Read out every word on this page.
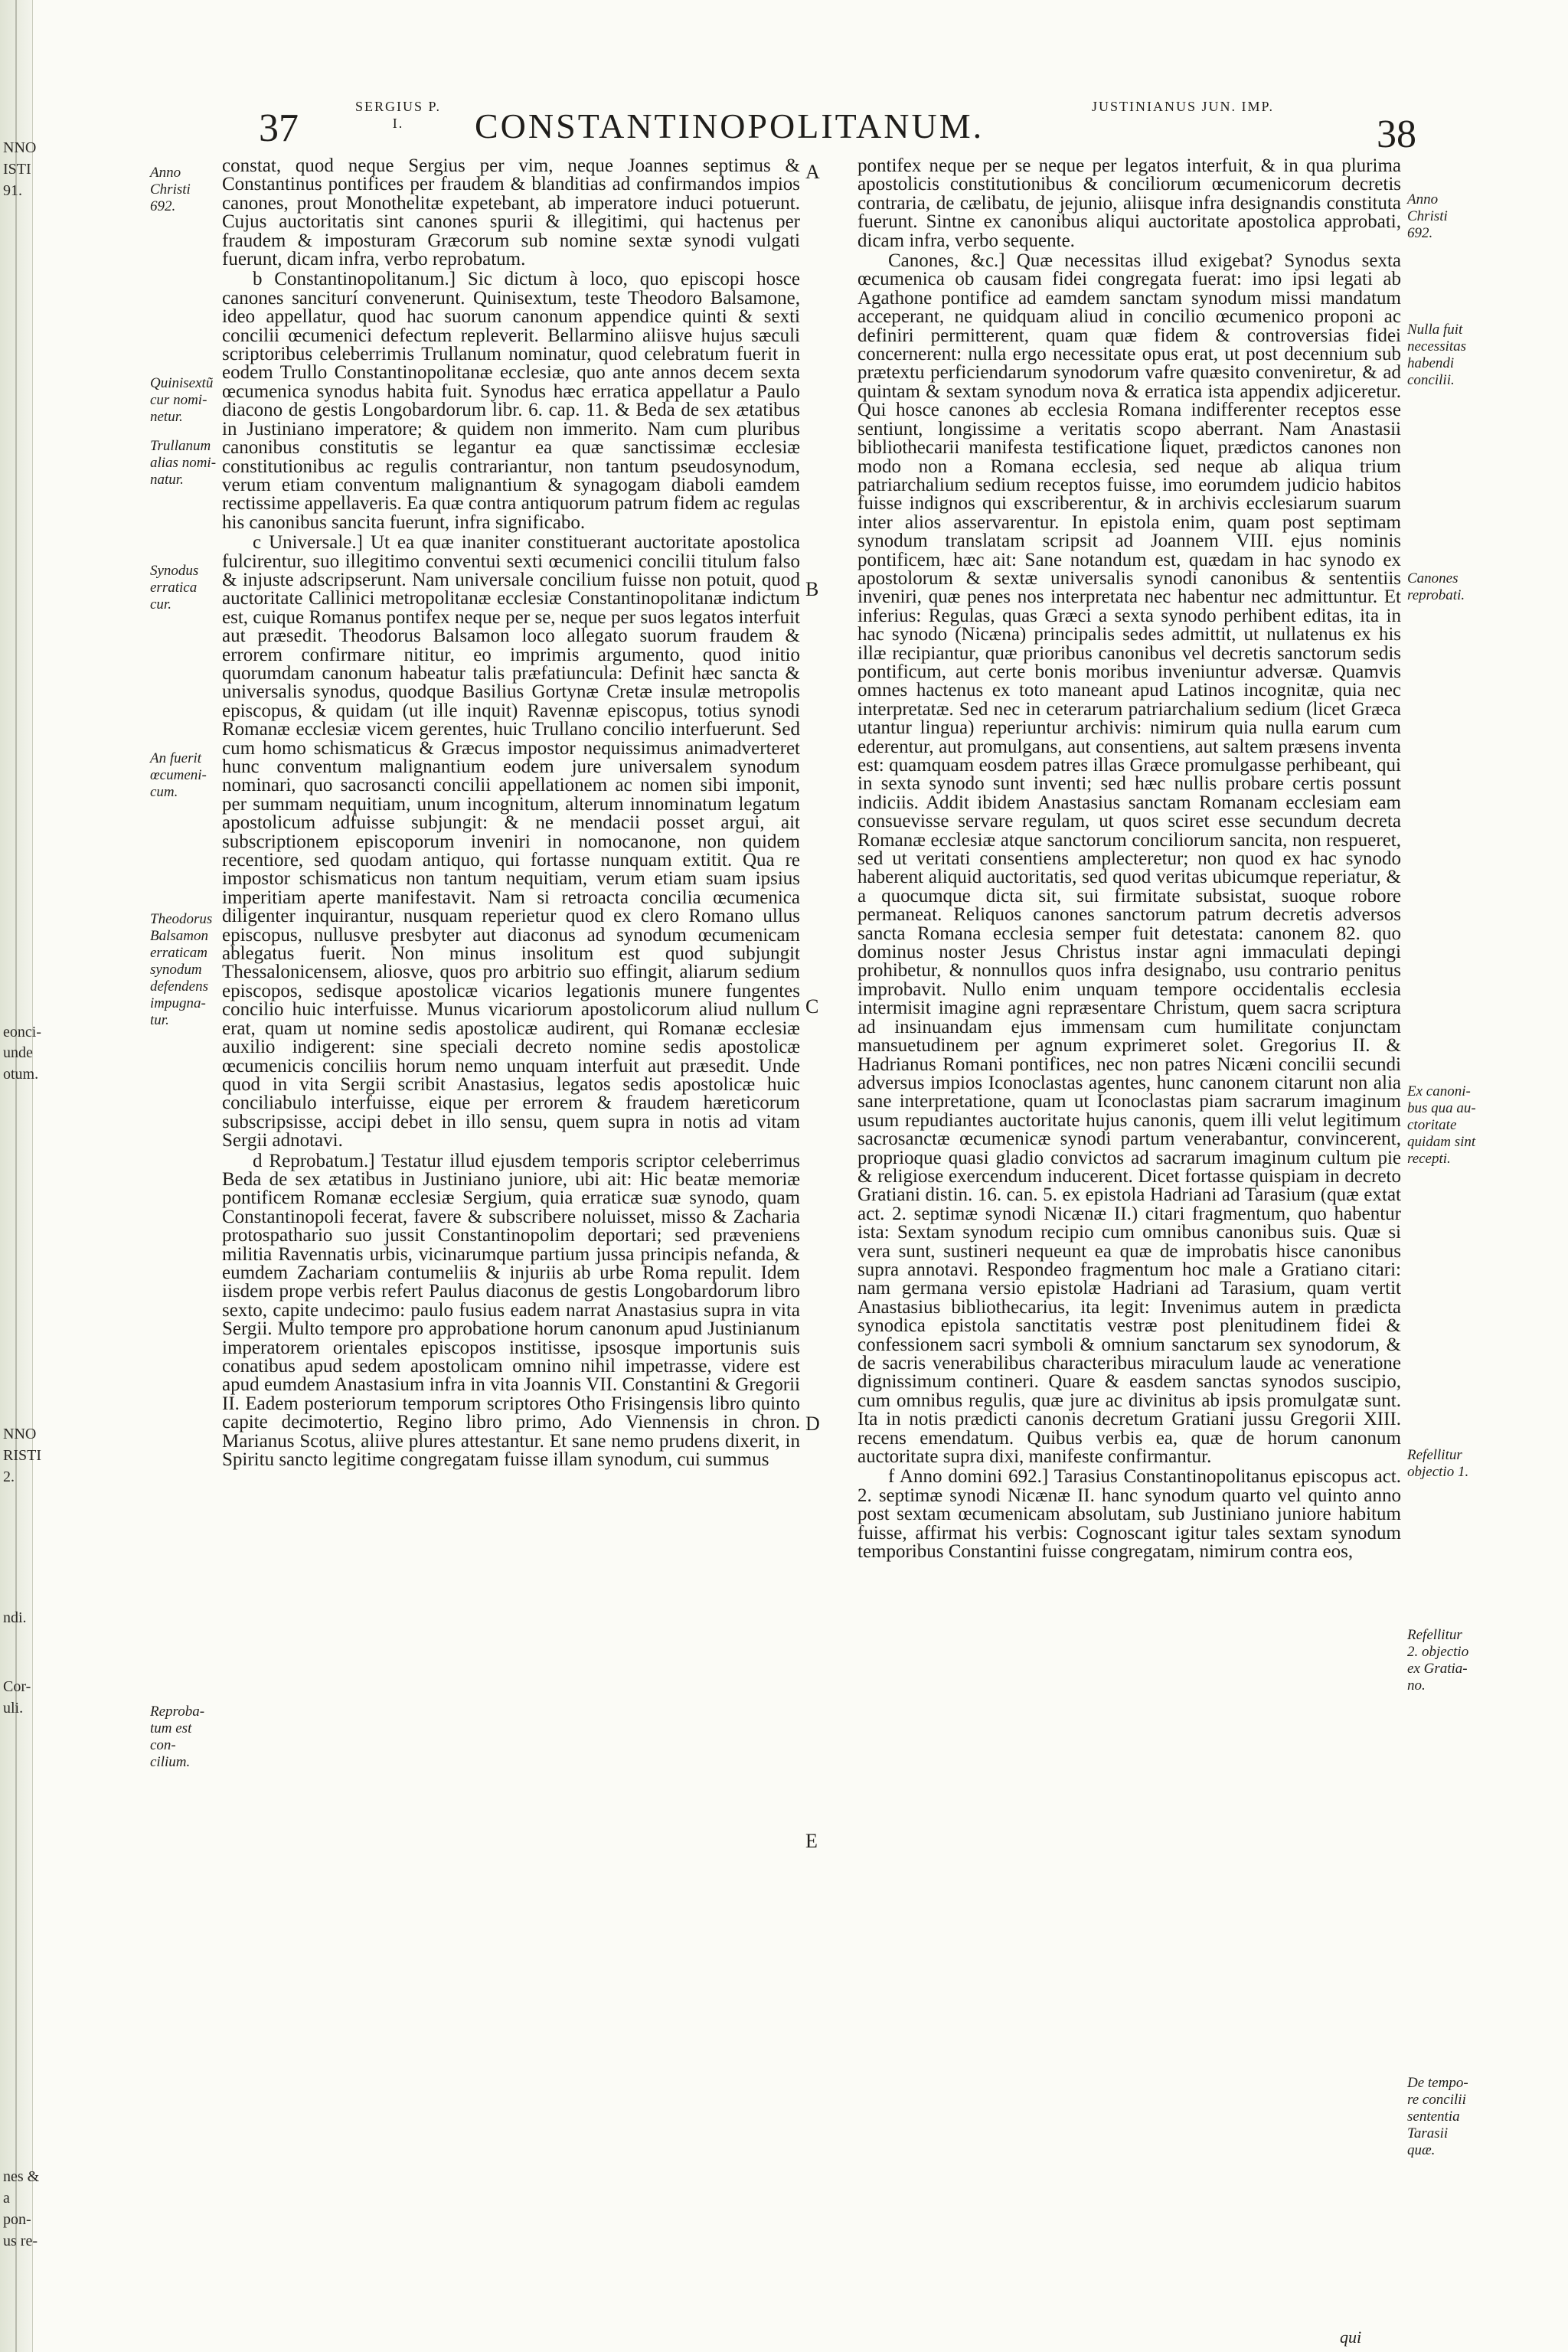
NNO
ISTI
91.
eonci-
unde
otum.
NNO
RISTI
2.
ndi.
Cor-
uli.
nes &
a
pon-
us re-
37	SERGIUS P. I.	CONSTANTINOPOLITANUM.	JUSTINIANUS JUN. IMP.
38
Anno
Christi
692.
Quinisextũ
cur nomi-
netur.
Trullanum
alias nomi-
natur.
Synodus
erratica
cur.
An fuerit
œcumeni-
cum.
Theodorus
Balsamon
erraticam
synodum
defendens
impugna-
tur.
Reproba-
tum est con-
cilium.
Anno
Christi
692.
Nulla fuit
necessitas
habendi
concilii.
Canones
reprobati.
Ex canoni-
bus qua au-
ctoritate
quidam sint
recepti.
Refellitur
objectio 1.
Refellitur
2. objectio
ex Gratia-
no.
De tempo-
re concilii
sententia
Tarasii
quæ.

constat, quod neque Sergius per vim, neque Joannes septimus & Constantinus pontifices per fraudem & blanditias ad confirmandos impios canones, prout Monothelitæ expetebant, ab imperatore induci potuerunt. Cujus auctoritatis sint canones spurii & illegitimi, qui hactenus per fraudem & imposturam Græcorum sub nomine sextæ synodi vulgati fuerunt, dicam infra, verbo reprobatum.

b Constantinopolitanum.] Sic dictum à loco, quo episcopi hosce canones sanciturí convenerunt. Quinisextum, teste Theodoro Balsamone, ideo appellatur, quod hac suorum canonum appendice quinti & sexti concilii œcumenici defectum repleverit. Bellarmino aliisve hujus sæculi scriptoribus celeberrimis Trullanum nominatur, quod celebratum fuerit in eodem Trullo Constantinopolitanæ ecclesiæ, quo ante annos decem sexta œcumenica synodus habita fuit. Synodus hæc erratica appellatur a Paulo diacono de gestis Longobardorum libr. 6. cap. 11. & Beda de sex ætatibus in Justiniano imperatore; & quidem non immerito. Nam cum pluribus canonibus constitutis se legantur ea quæ sanctissimæ ecclesiæ constitutionibus ac regulis contrariantur, non tantum pseudosynodum, verum etiam conventum malignantium & synagogam diaboli eamdem rectissime appellaveris. Ea quæ contra antiquorum patrum fidem ac regulas his canonibus sancita fuerunt, infra significabo.

c Universale.] Ut ea quæ inaniter constituerant auctoritate apostolica fulcirentur, suo illegitimo conventui sexti œcumenici concilii titulum falso & injuste adscripserunt. Nam universale concilium fuisse non potuit, quod auctoritate Callinici metropolitanæ ecclesiæ Constantinopolitanæ indictum est, cuique Romanus pontifex neque per se, neque per suos legatos interfuit aut præsedit. Theodorus Balsamon loco allegato suorum fraudem & errorem confirmare nititur, eo imprimis argumento, quod initio quorumdam canonum habeatur talis præfatiuncula: Definit hæc sancta & universalis synodus, quodque Basilius Gortynæ Cretæ insulæ metropolis episcopus, & quidam (ut ille inquit) Ravennæ episcopus, totius synodi Romanæ ecclesiæ vicem gerentes, huic Trullano concilio interfuerunt. Sed cum homo schismaticus & Græcus impostor nequissimus animadverteret hunc conventum malignantium eodem jure universalem synodum nominari, quo sacrosancti concilii appellationem ac nomen sibi imponit, per summam nequitiam, unum incognitum, alterum innominatum legatum apostolicum adfuisse subjungit: & ne mendacii posset argui, ait subscriptionem episcoporum inveniri in nomocanone, non quidem recentiore, sed quodam antiquo, qui fortasse nunquam extitit. Qua re impostor schismaticus non tantum nequitiam, verum etiam suam ipsius imperitiam aperte manifestavit. Nam si retroacta concilia œcumenica diligenter inquirantur, nusquam reperietur quod ex clero Romano ullus episcopus, nullusve presbyter aut diaconus ad synodum œcumenicam ablegatus fuerit. Non minus insolitum est quod subjungit Thessalonicensem, aliosve, quos pro arbitrio suo effingit, aliarum sedium episcopos, sedisque apostolicæ vicarios legationis munere fungentes concilio huic interfuisse. Munus vicariorum apostolicorum aliud nullum erat, quam ut nomine sedis apostolicæ audirent, qui Romanæ ecclesiæ auxilio indigerent: sine speciali decreto nomine sedis apostolicæ œcumenicis conciliis horum nemo unquam interfuit aut præsedit. Unde quod in vita Sergii scribit Anastasius, legatos sedis apostolicæ huic conciliabulo interfuisse, eique per errorem & fraudem hæreticorum subscripsisse, accipi debet in illo sensu, quem supra in notis ad vitam Sergii adnotavi.

d Reprobatum.] Testatur illud ejusdem temporis scriptor celeberrimus Beda de sex ætatibus in Justiniano juniore, ubi ait: Hic beatæ memoriæ pontificem Romanæ ecclesiæ Sergium, quia erraticæ suæ synodo, quam Constantinopoli fecerat, favere & subscribere noluisset, misso & Zacharia protospathario suo jussit Constantinopolim deportari; sed præveniens militia Ravennatis urbis, vicinarumque partium jussa principis nefanda, & eumdem Zachariam contumeliis & injuriis ab urbe Roma repulit. Idem iisdem prope verbis refert Paulus diaconus de gestis Longobardorum libro sexto, capite undecimo: paulo fusius eadem narrat Anastasius supra in vita Sergii. Multo tempore pro approbatione horum canonum apud Justinianum imperatorem orientales episcopos institisse, ipsosque importunis suis conatibus apud sedem apostolicam omnino nihil impetrasse, videre est apud eumdem Anastasium infra in vita Joannis VII. Constantini & Gregorii II. Eadem posteriorum temporum scriptores Otho Frisingensis libro quinto capite decimotertio, Regino libro primo, Ado Viennensis in chron. Marianus Scotus, aliive plures attestantur. Et sane nemo prudens dixerit, in Spiritu sancto legitime congregatam fuisse illam synodum, cui summus

pontifex neque per se neque per legatos interfuit, & in qua plurima apostolicis constitutionibus & conciliorum œcumenicorum decretis contraria, de cælibatu, de jejunio, aliisque infra designandis constituta fuerunt. Sintne ex canonibus aliqui auctoritate apostolica approbati, dicam infra, verbo sequente.

Canones, &c.] Quæ necessitas illud exigebat? Synodus sexta œcumenica ob causam fidei congregata fuerat: imo ipsi legati ab Agathone pontifice ad eamdem sanctam synodum missi mandatum acceperant, ne quidquam aliud in concilio œcumenico proponi ac definiri permitterent, quam quæ fidem & controversias fidei concernerent: nulla ergo necessitate opus erat, ut post decennium sub prætextu perficiendarum synodorum vafre quæsito conveniretur, & ad quintam & sextam synodum nova & erratica ista appendix adjiceretur. Qui hosce canones ab ecclesia Romana indifferenter receptos esse sentiunt, longissime a veritatis scopo aberrant. Nam Anastasii bibliothecarii manifesta testificatione liquet, prædictos canones non modo non a Romana ecclesia, sed neque ab aliqua trium patriarchalium sedium receptos fuisse, imo eorumdem judicio habitos fuisse indignos qui exscriberentur, & in archivis ecclesiarum suarum inter alios asservarentur. In epistola enim, quam post septimam synodum translatam scripsit ad Joannem VIII. ejus nominis pontificem, hæc ait: Sane notandum est, quædam in hac synodo ex apostolorum & sextæ universalis synodi canonibus & sententiis inveniri, quæ penes nos interpretata nec habentur nec admittuntur. Et inferius: Regulas, quas Græci a sexta synodo perhibent editas, ita in hac synodo (Nicæna) principalis sedes admittit, ut nullatenus ex his illæ recipiantur, quæ prioribus canonibus vel decretis sanctorum sedis pontificum, aut certe bonis moribus inveniuntur adversæ. Quamvis omnes hactenus ex toto maneant apud Latinos incognitæ, quia nec interpretatæ. Sed nec in ceterarum patriarchalium sedium (licet Græca utantur lingua) reperiuntur archivis: nimirum quia nulla earum cum ederentur, aut promulgans, aut consentiens, aut saltem præsens inventa est: quamquam eosdem patres illas Græce promulgasse perhibeant, qui in sexta synodo sunt inventi; sed hæc nullis probare certis possunt indiciis. Addit ibidem Anastasius sanctam Romanam ecclesiam eam consuevisse servare regulam, ut quos sciret esse secundum decreta Romanæ ecclesiæ atque sanctorum conciliorum sancita, non respueret, sed ut veritati consentiens amplecteretur; non quod ex hac synodo haberent aliquid auctoritatis, sed quod veritas ubicumque reperiatur, & a quocumque dicta sit, sui firmitate subsistat, suoque robore permaneat. Reliquos canones sanctorum patrum decretis adversos sancta Romana ecclesia semper fuit detestata: canonem 82. quo dominus noster Jesus Christus instar agni immaculati depingi prohibetur, & nonnullos quos infra designabo, usu contrario penitus improbavit. Nullo enim unquam tempore occidentalis ecclesia intermisit imagine agni repræsentare Christum, quem sacra scriptura ad insinuandam ejus immensam cum humilitate conjunctam mansuetudinem per agnum exprimeret solet. Gregorius II. & Hadrianus Romani pontifices, nec non patres Nicæni concilii secundi adversus impios Iconoclastas agentes, hunc canonem citarunt non alia sane interpretatione, quam ut Iconoclastas piam sacrarum imaginum usum repudiantes auctoritate hujus canonis, quem illi velut legitimum sacrosanctæ œcumenicæ synodi partum venerabantur, convincerent, proprioque quasi gladio convictos ad sacrarum imaginum cultum pie & religiose exercendum inducerent. Dicet fortasse quispiam in decreto Gratiani distin. 16. can. 5. ex epistola Hadriani ad Tarasium (quæ extat act. 2. septimæ synodi Nicænæ II.) citari fragmentum, quo habentur ista: Sextam synodum recipio cum omnibus canonibus suis. Quæ si vera sunt, sustineri nequeunt ea quæ de improbatis hisce canonibus supra annotavi. Respondeo fragmentum hoc male a Gratiano citari: nam germana versio epistolæ Hadriani ad Tarasium, quam vertit Anastasius bibliothecarius, ita legit: Invenimus autem in prædicta synodica epistola sanctitatis vestræ post plenitudinem fidei & confessionem sacri symboli & omnium sanctarum sex synodorum, & de sacris venerabilibus characteribus miraculum laude ac veneratione dignissimum contineri. Quare & easdem sanctas synodos suscipio, cum omnibus regulis, quæ jure ac divinitus ab ipsis promulgatæ sunt. Ita in notis prædicti canonis decretum Gratiani jussu Gregorii XIII. recens emendatum. Quibus verbis ea, quæ de horum canonum auctoritate supra dixi, manifeste confirmantur.

f Anno domini 692.] Tarasius Constantinopolitanus episcopus act. 2. septimæ synodi Nicænæ II. hanc synodum quarto vel quinto anno post sextam œcumenicam absolutam, sub Justiniano juniore habitum fuisse, affirmat his verbis: Cognoscant igitur tales sextam synodum temporibus Constantini fuisse congregatam, nimirum contra eos,

A
B
C
D
E
qui
